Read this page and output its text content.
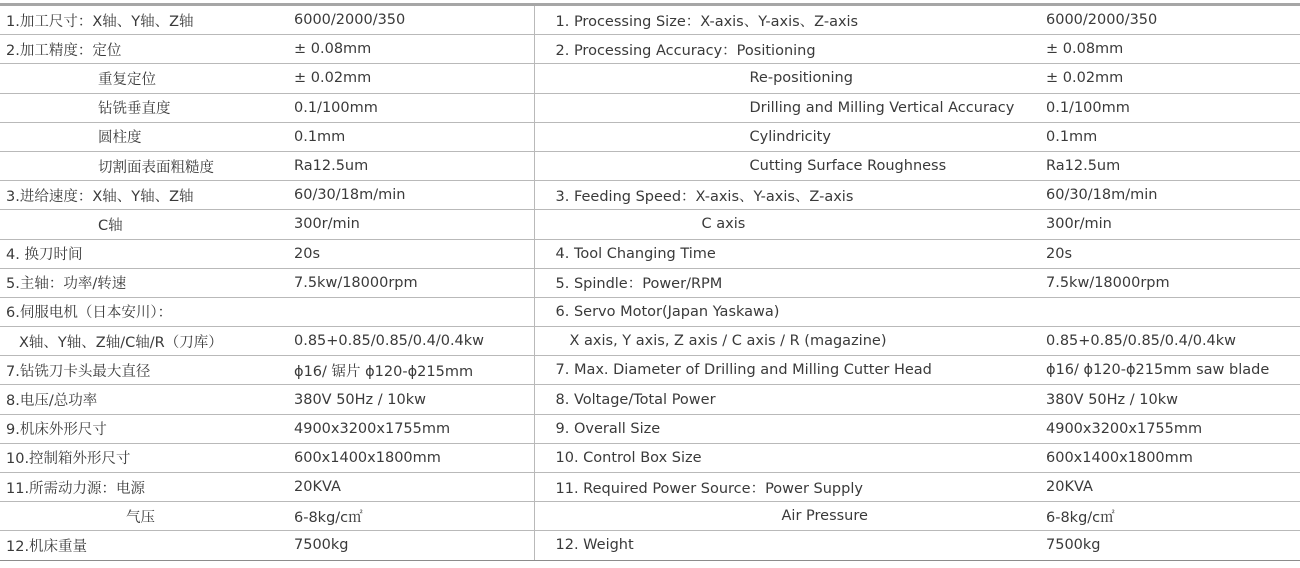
1.加工尺寸：X轴、Y轴、Z轴	6000/2000/350	1. Processing Size：X-axis、Y-axis、Z-axis	6000/2000/350
2.加工精度：定位	± 0.08mm	2. Processing Accuracy：Positioning	± 0.08mm
重复定位	± 0.02mm	Re-positioning	± 0.02mm
钻铣垂直度	0.1/100mm	Drilling and Milling Vertical Accuracy	0.1/100mm
圆柱度	0.1mm	Cylindricity	0.1mm
切割面表面粗糙度	Ra12.5um	Cutting Surface Roughness	Ra12.5um
3.进给速度：X轴、Y轴、Z轴	60/30/18m/min	3. Feeding Speed：X-axis、Y-axis、Z-axis	60/30/18m/min
C轴	300r/min	C axis	300r/min
4. 换刀时间	20s	4. Tool Changing Time	20s
5.主轴：功率/转速	7.5kw/18000rpm	5. Spindle：Power/RPM	7.5kw/18000rpm
6.伺服电机（日本安川）：		6. Servo Motor(Japan Yaskawa)	
X轴、Y轴、Z轴/C轴/R（刀库）	0.85+0.85/0.85/0.4/0.4kw	X axis, Y axis, Z axis / C axis / R (magazine)	0.85+0.85/0.85/0.4/0.4kw
7.钻铣刀卡头最大直径	ϕ16/ 锯片 ϕ120-ϕ215mm	7. Max. Diameter of Drilling and Milling Cutter Head	ϕ16/ ϕ120-ϕ215mm saw blade
8.电压/总功率	380V 50Hz / 10kw	8. Voltage/Total Power	380V 50Hz / 10kw
9.机床外形尺寸	4900x3200x1755mm	9. Overall Size	4900x3200x1755mm
10.控制箱外形尺寸	600x1400x1800mm	10. Control Box Size	600x1400x1800mm
11.所需动力源：电源	20KVA	11. Required Power Source：Power Supply	20KVA
气压	6-8kg/c㎡	Air Pressure	6-8kg/c㎡
12.机床重量	7500kg	12. Weight	7500kg
